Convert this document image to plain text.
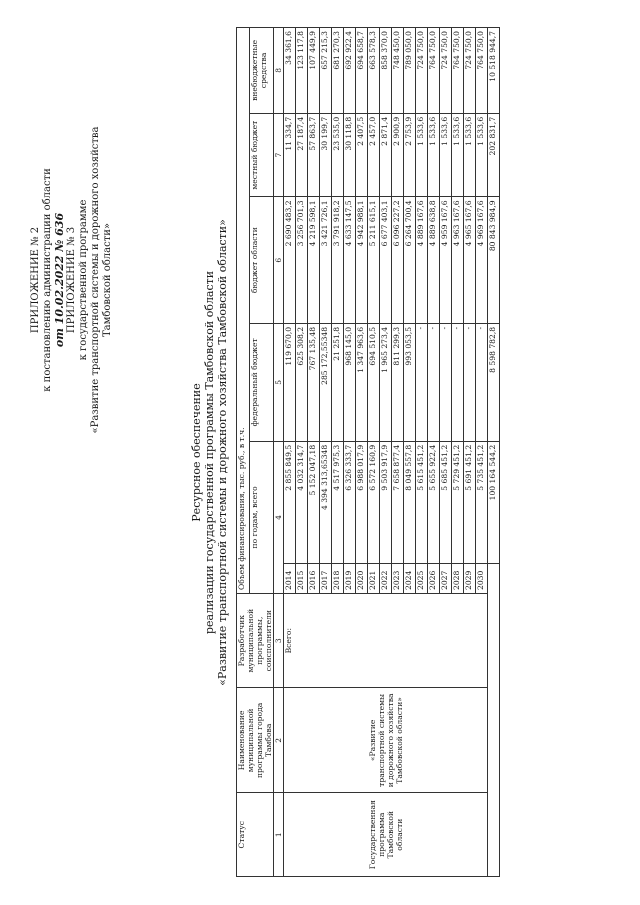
ПРИЛОЖЕНИЕ № 2 к постановлению администрации области от 10.02.2022 № 636 ПРИЛОЖЕНИЕ № 3 к государственной программе «Развитие транспортной системы и дорожного хозяйства Тамбовской области»
Ресурсное обеспечение реализации государственной программы Тамбовской области «Развитие транспортной системы и дорожного хозяйства Тамбовской области»
Статус	Наименование муниципальной программы города Тамбова	Разработчик муниципальной программы, соисполнители	Объем финансирования, тыс. руб., в т.ч.					
			по годам, всего		федеральный бюджет	бюджет области	местный бюджет	внебюджетные средства
1	2	3	4		5	6	7	8
Государственная программа Тамбовской области	«Развитие транспортной системы и дорожного хозяйства Тамбовской области»	Всего:	2014	2 855 849,5	119 670,0	2 690 483,2	11 334,7	34 361,6
			2015	4 032 314,7	625 308,2	3 256 701,3	27 187,4	123 117,8
			2016	5 152 047,18	767 135,48	4 219 598,1	57 863,7	107 449,9
			2017	4 394 313,65348	285 172,55348	3 421 726,1	30 199,7	657 215,3
			2018	4 517 975,3	21 251,8	3 791 918,2	23 535,0	681 270,3
			2019	6 326 333,7	968 145,0	4 633 147,5	30 118,8	692 922,4
			2020	6 988 017,9	1 347 963,6	4 942 988,1	2 407,5	694 658,7
			2021	6 572 160,9	694 510,5	5 211 615,1	2 457,0	663 578,3
			2022	9 503 917,9	1 965 273,4	6 677 403,1	2 871,4	858 370,0
			2023	7 658 877,4	811 299,3	6 096 227,2	2 900,9	748 450,0
			2024	8 049 557,8	993 053,5	6 264 700,4	2 753,9	789 050,0
			2025	5 615 451,2	-	4 889 167,6	1 533,6	724 750,0
			2026	5 655 922,4	-	4 889 638,8	1 533,6	764 750,0
			2027	5 685 451,2	-	4 959 167,6	1 533,6	724 750,0
			2028	5 729 451,2	-	4 963 167,6	1 533,6	764 750,0
			2029	5 691 451,2	-	4 965 167,6	1 533,6	724 750,0
			2030	5 735 451,2	-	4 969 167,6	1 533,6	764 750,0
				100 164 544,2	8 598 782,8	80 843 984,9	202 831,7	10 518 944,7
